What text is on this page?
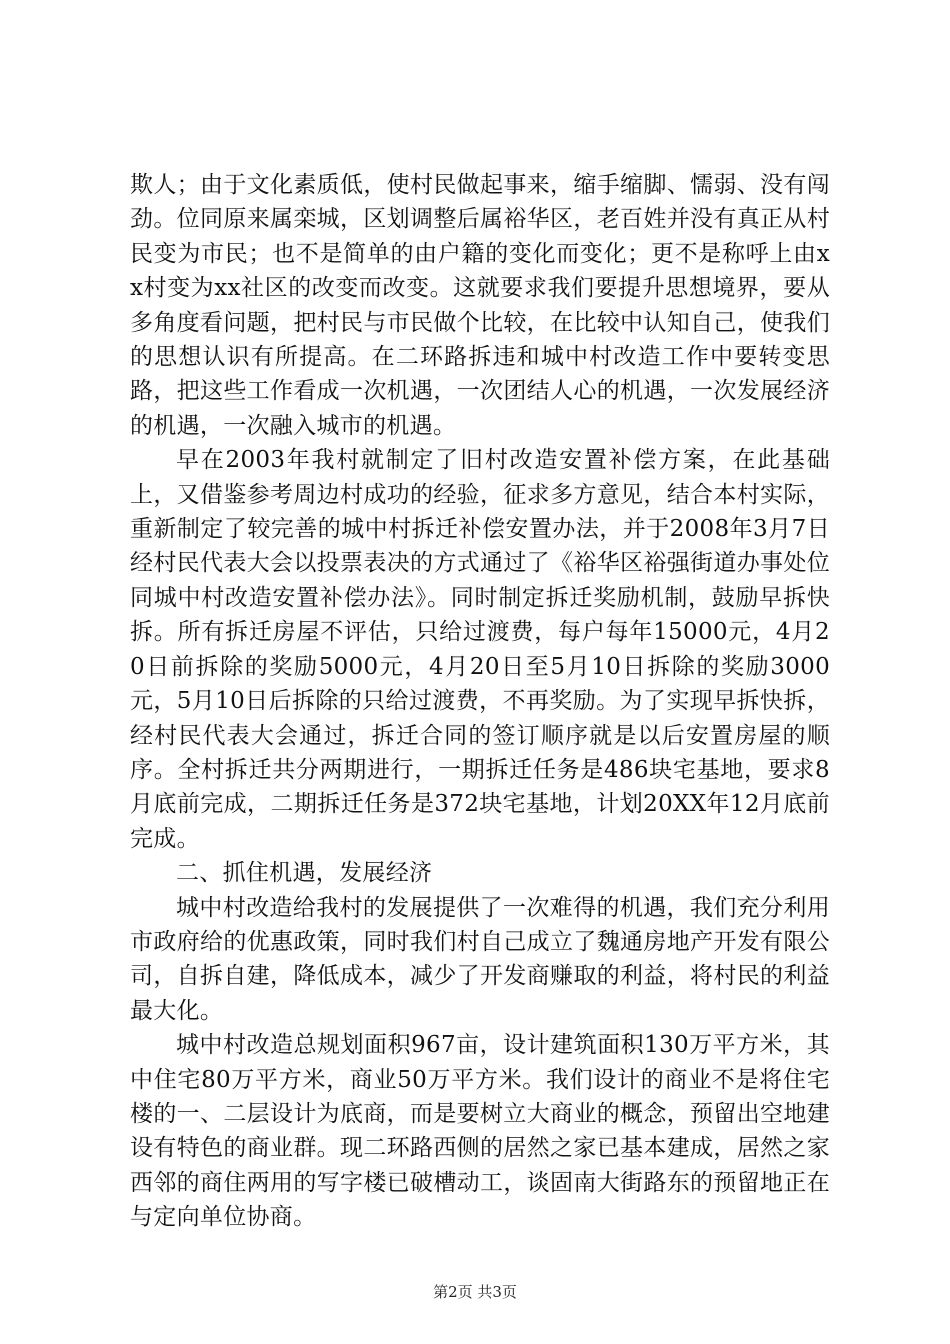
欺人；由于文化素质低，使村民做起事来，缩手缩脚、懦弱、没有闯劲。位同原来属栾城，区划调整后属裕华区，老百姓并没有真正从村民变为市民；也不是简单的由户籍的变化而变化；更不是称呼上由xx村变为xx社区的改变而改变。这就要求我们要提升思想境界，要从多角度看问题，把村民与市民做个比较，在比较中认知自己，使我们的思想认识有所提高。在二环路拆违和城中村改造工作中要转变思路，把这些工作看成一次机遇，一次团结人心的机遇，一次发展经济的机遇，一次融入城市的机遇。

早在2003年我村就制定了旧村改造安置补偿方案，在此基础上，又借鉴参考周边村成功的经验，征求多方意见，结合本村实际，重新制定了较完善的城中村拆迁补偿安置办法，并于2008年3月7日经村民代表大会以投票表决的方式通过了《裕华区裕强街道办事处位同城中村改造安置补偿办法》。同时制定拆迁奖励机制，鼓励早拆快拆。所有拆迁房屋不评估，只给过渡费，每户每年15000元，4月20日前拆除的奖励5000元，4月20日至5月10日拆除的奖励3000元，5月10日后拆除的只给过渡费，不再奖励。为了实现早拆快拆，经村民代表大会通过，拆迁合同的签订顺序就是以后安置房屋的顺序。全村拆迁共分两期进行，一期拆迁任务是486块宅基地，要求8月底前完成，二期拆迁任务是372块宅基地，计划20XX年12月底前完成。

二、抓住机遇，发展经济

城中村改造给我村的发展提供了一次难得的机遇，我们充分利用市政府给的优惠政策，同时我们村自己成立了魏通房地产开发有限公司，自拆自建，降低成本，减少了开发商赚取的利益，将村民的利益最大化。

城中村改造总规划面积967亩，设计建筑面积130万平方米，其中住宅80万平方米，商业50万平方米。我们设计的商业不是将住宅楼的一、二层设计为底商，而是要树立大商业的概念，预留出空地建设有特色的商业群。现二环路西侧的居然之家已基本建成，居然之家西邻的商住两用的写字楼已破槽动工，谈固南大街路东的预留地正在与定向单位协商。

第2页 共3页
